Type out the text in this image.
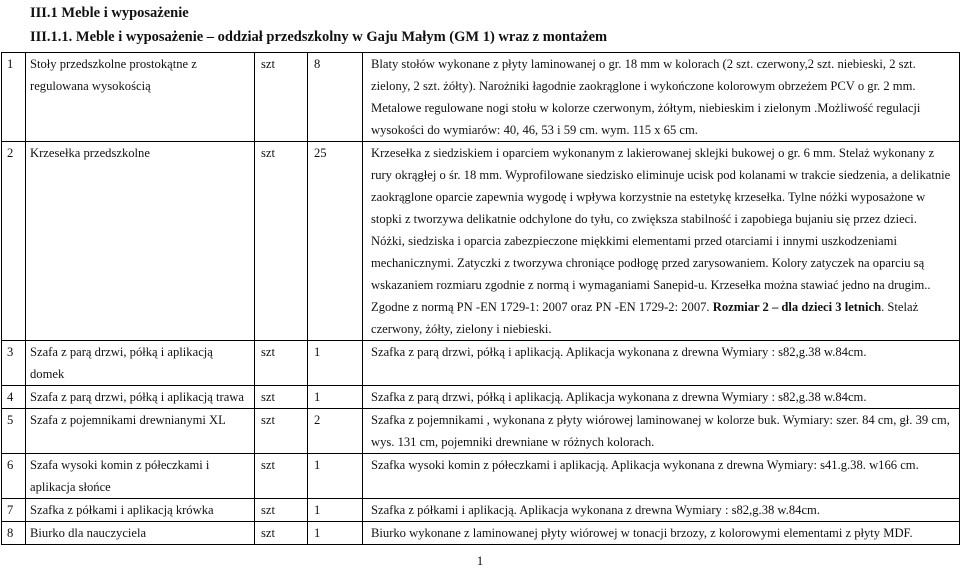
III.1 Meble i wyposażenie
III.1.1. Meble i wyposażenie – oddział przedszkolny w Gaju Małym (GM 1) wraz z montażem
1	Stoły przedszkolne prostokątne z regulowana wysokością	szt	8	Blaty stołów wykonane z płyty laminowanej o gr. 18 mm w kolorach (2 szt. czerwony,2 szt. niebieski, 2 szt. zielony, 2 szt. żółty). Narożniki łagodnie zaokrąglone i wykończone kolorowym obrzeżem PCV o gr. 2 mm. Metalowe regulowane nogi stołu w kolorze czerwonym, żółtym, niebieskim i zielonym .Możliwość regulacji wysokości do wymiarów: 40, 46, 53 i 59 cm. wym. 115 x 65 cm.
2	Krzesełka przedszkolne	szt	25	Krzesełka z siedziskiem i oparciem wykonanym z lakierowanej sklejki bukowej o gr. 6 mm. Stelaż wykonany z rury okrągłej o śr. 18 mm. Wyprofilowane siedzisko eliminuje ucisk pod kolanami w trakcie siedzenia, a delikatnie zaokrąglone oparcie zapewnia wygodę i wpływa korzystnie na estetykę krzesełka. Tylne nóżki wyposażone w stopki z tworzywa delikatnie odchylone do tyłu, co zwiększa stabilność i zapobiega bujaniu się przez dzieci. Nóżki, siedziska i oparcia zabezpieczone miękkimi elementami przed otarciami i innymi uszkodzeniami mechanicznymi. Zatyczki z tworzywa chroniące podłogę przed zarysowaniem. Kolory zatyczek na oparciu są wskazaniem rozmiaru zgodnie z normą i wymaganiami Sanepid-u. Krzesełka można stawiać jedno na drugim.. Zgodne z normą PN -EN 1729-1: 2007 oraz PN -EN 1729-2: 2007. Rozmiar 2 – dla dzieci 3 letnich. Stelaż czerwony, żółty, zielony i niebieski.
3	Szafa z parą drzwi, półką i aplikacją domek	szt	1	Szafka z parą drzwi, półką i aplikacją. Aplikacja wykonana z drewna Wymiary : s82,g.38 w.84cm.
4	Szafa z parą drzwi, półką i aplikacją trawa	szt	1	Szafka z parą drzwi, półką i aplikacją. Aplikacja wykonana z drewna Wymiary : s82,g.38 w.84cm.
5	Szafa z pojemnikami drewnianymi XL	szt	2	Szafka z pojemnikami , wykonana z płyty wiórowej laminowanej w kolorze buk. Wymiary: szer. 84 cm, gł. 39 cm, wys. 131 cm, pojemniki drewniane w różnych kolorach.
6	Szafa wysoki komin z półeczkami i aplikacja słońce	szt	1	Szafka wysoki komin z półeczkami i aplikacją. Aplikacja wykonana z drewna Wymiary: s41.g.38. w166 cm.
7	Szafka z półkami i aplikacją krówka	szt	1	Szafka z półkami i aplikacją. Aplikacja wykonana z drewna Wymiary : s82,g.38 w.84cm.
8	Biurko dla nauczyciela	szt	1	Biurko wykonane z laminowanej płyty wiórowej w tonacji brzozy, z kolorowymi elementami z płyty MDF.
1
